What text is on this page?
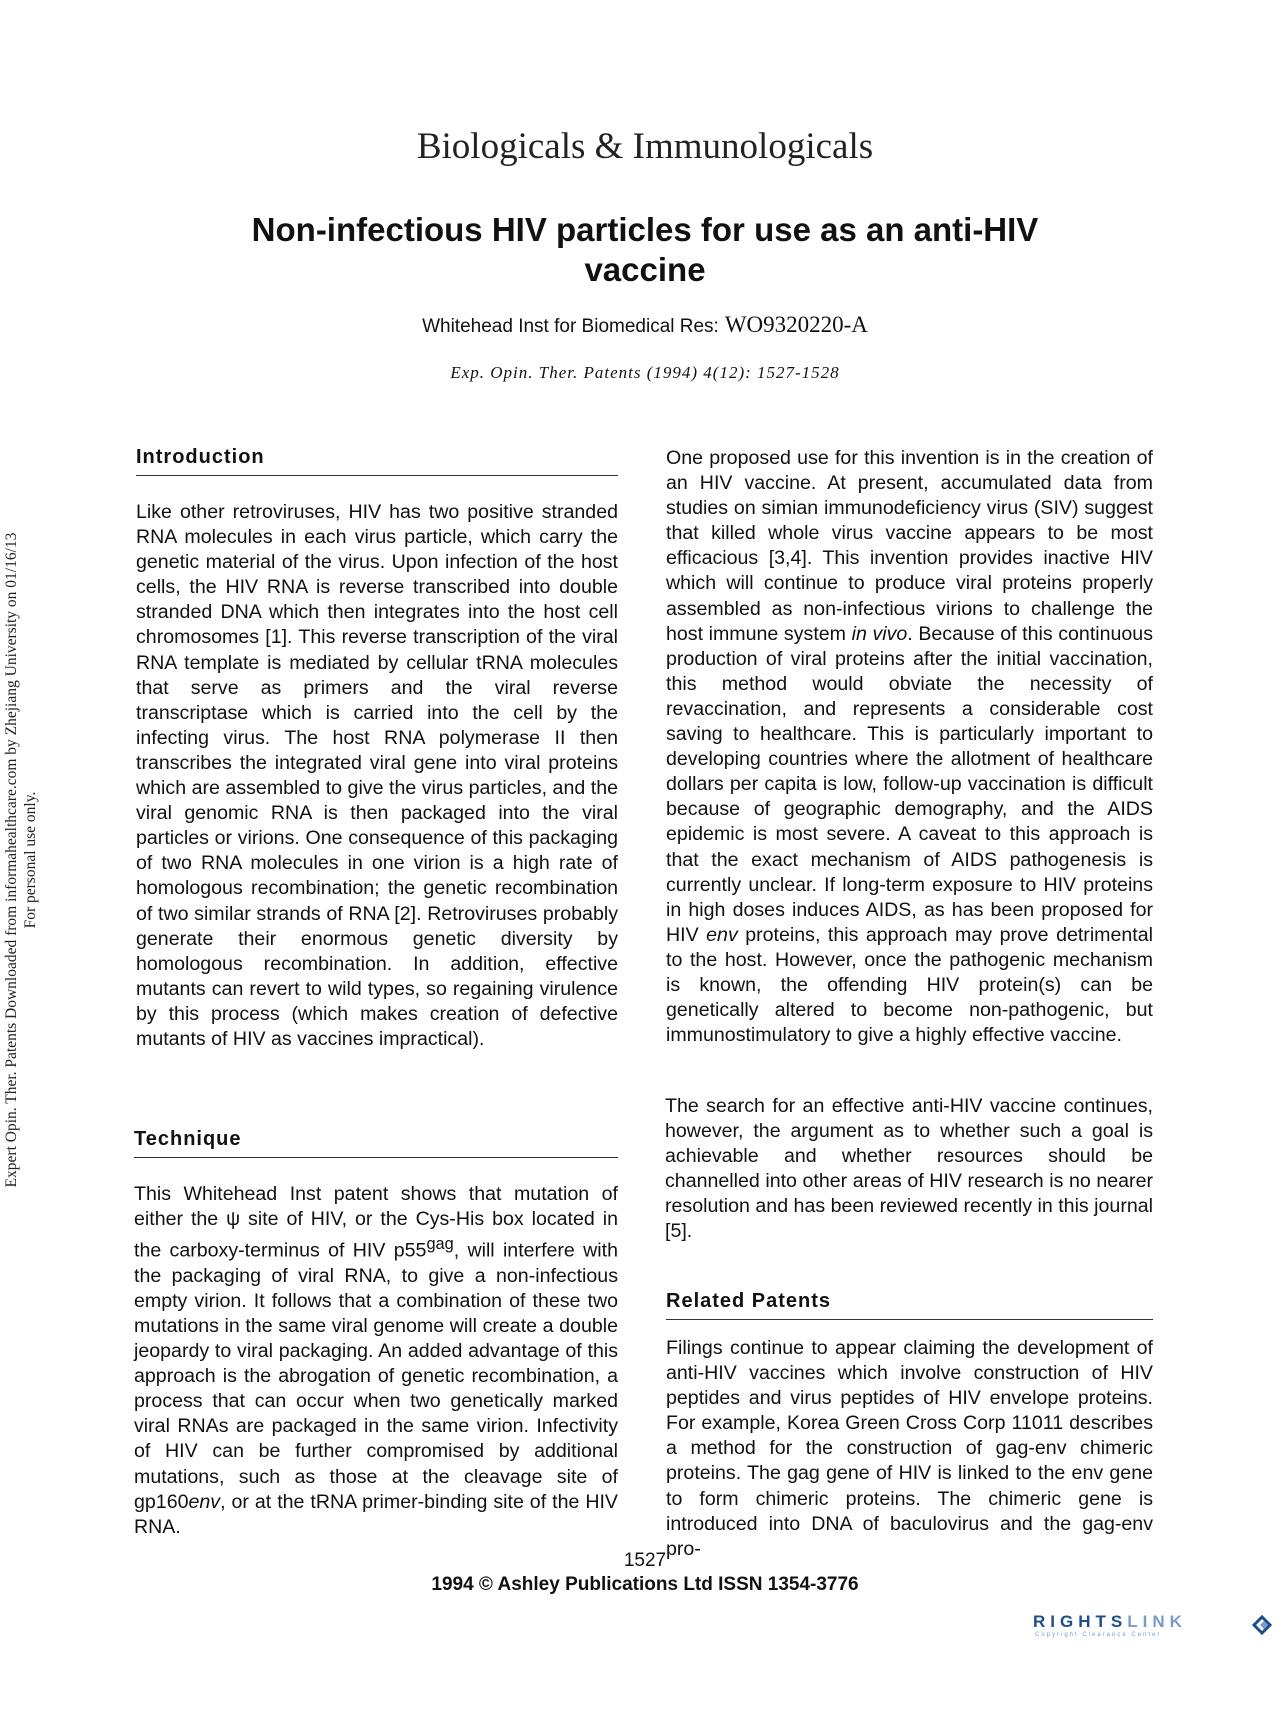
Expert Opin. Ther. Patents Downloaded from informahealthcare.com by Zhejiang University on 01/16/13 For personal use only.
Biologicals & Immunologicals
Non-infectious HIV particles for use as an anti-HIV vaccine
Whitehead Inst for Biomedical Res: WO9320220-A
Exp. Opin. Ther. Patents (1994) 4(12): 1527-1528
Introduction

Like other retroviruses, HIV has two positive stranded RNA molecules in each virus particle, which carry the genetic material of the virus. Upon infection of the host cells, the HIV RNA is reverse transcribed into double stranded DNA which then integrates into the host cell chromosomes [1]. This reverse transcription of the viral RNA template is mediated by cellular tRNA molecules that serve as primers and the viral reverse transcriptase which is carried into the cell by the infecting virus. The host RNA polymerase II then transcribes the integrated viral gene into viral proteins which are assembled to give the virus particles, and the viral genomic RNA is then packaged into the viral particles or virions. One consequence of this packaging of two RNA molecules in one virion is a high rate of homologous recombination; the genetic recombination of two similar strands of RNA [2]. Retroviruses probably generate their enormous genetic diversity by homologous recombination. In addition, effective mutants can revert to wild types, so regaining virulence by this process (which makes creation of defective mutants of HIV as vaccines impractical).

Technique

This Whitehead Inst patent shows that mutation of either the ψ site of HIV, or the Cys-His box located in the carboxy-terminus of HIV $p55^{gag}$, will interfere with the packaging of viral RNA, to give a non-infectious empty virion. It follows that a combination of these two mutations in the same viral genome will create a double jeopardy to viral packaging. An added advantage of this approach is the abrogation of genetic recombination, a process that can occur when two genetically marked viral RNAs are packaged in the same virion. Infectivity of HIV can be further compromised by additional mutations, such as those at the cleavage site of gp160env, or at the tRNA primer-binding site of the HIV RNA.

One proposed use for this invention is in the creation of an HIV vaccine. At present, accumulated data from studies on simian immunodeficiency virus (SIV) suggest that killed whole virus vaccine appears to be most efficacious [3,4]. This invention provides inactive HIV which will continue to produce viral proteins properly assembled as non-infectious virions to challenge the host immune system in vivo. Because of this continuous production of viral proteins after the initial vaccination, this method would obviate the necessity of revaccination, and represents a considerable cost saving to healthcare. This is particularly important to developing countries where the allotment of healthcare dollars per capita is low, follow-up vaccination is difficult because of geographic demography, and the AIDS epidemic is most severe. A caveat to this approach is that the exact mechanism of AIDS pathogenesis is currently unclear. If long-term exposure to HIV proteins in high doses induces AIDS, as has been proposed for HIV env proteins, this approach may prove detrimental to the host. However, once the pathogenic mechanism is known, the offending HIV protein(s) can be genetically altered to become non-pathogenic, but immunostimulatory to give a highly effective vaccine.

The search for an effective anti-HIV vaccine continues, however, the argument as to whether such a goal is achievable and whether resources should be channelled into other areas of HIV research is no nearer resolution and has been reviewed recently in this journal [5].

Related Patents

Filings continue to appear claiming the development of anti-HIV vaccines which involve construction of HIV peptides and virus peptides of HIV envelope proteins. For example, Korea Green Cross Corp 11011 describes a method for the construction of gag-env chimeric proteins. The gag gene of HIV is linked to the env gene to form chimeric proteins. The chimeric gene is introduced into DNA of baculovirus and the gag-env pro-

1527
1994 © Ashley Publications Ltd ISSN 1354-3776
RIGHTSLINK
Copyright Clearance Center
